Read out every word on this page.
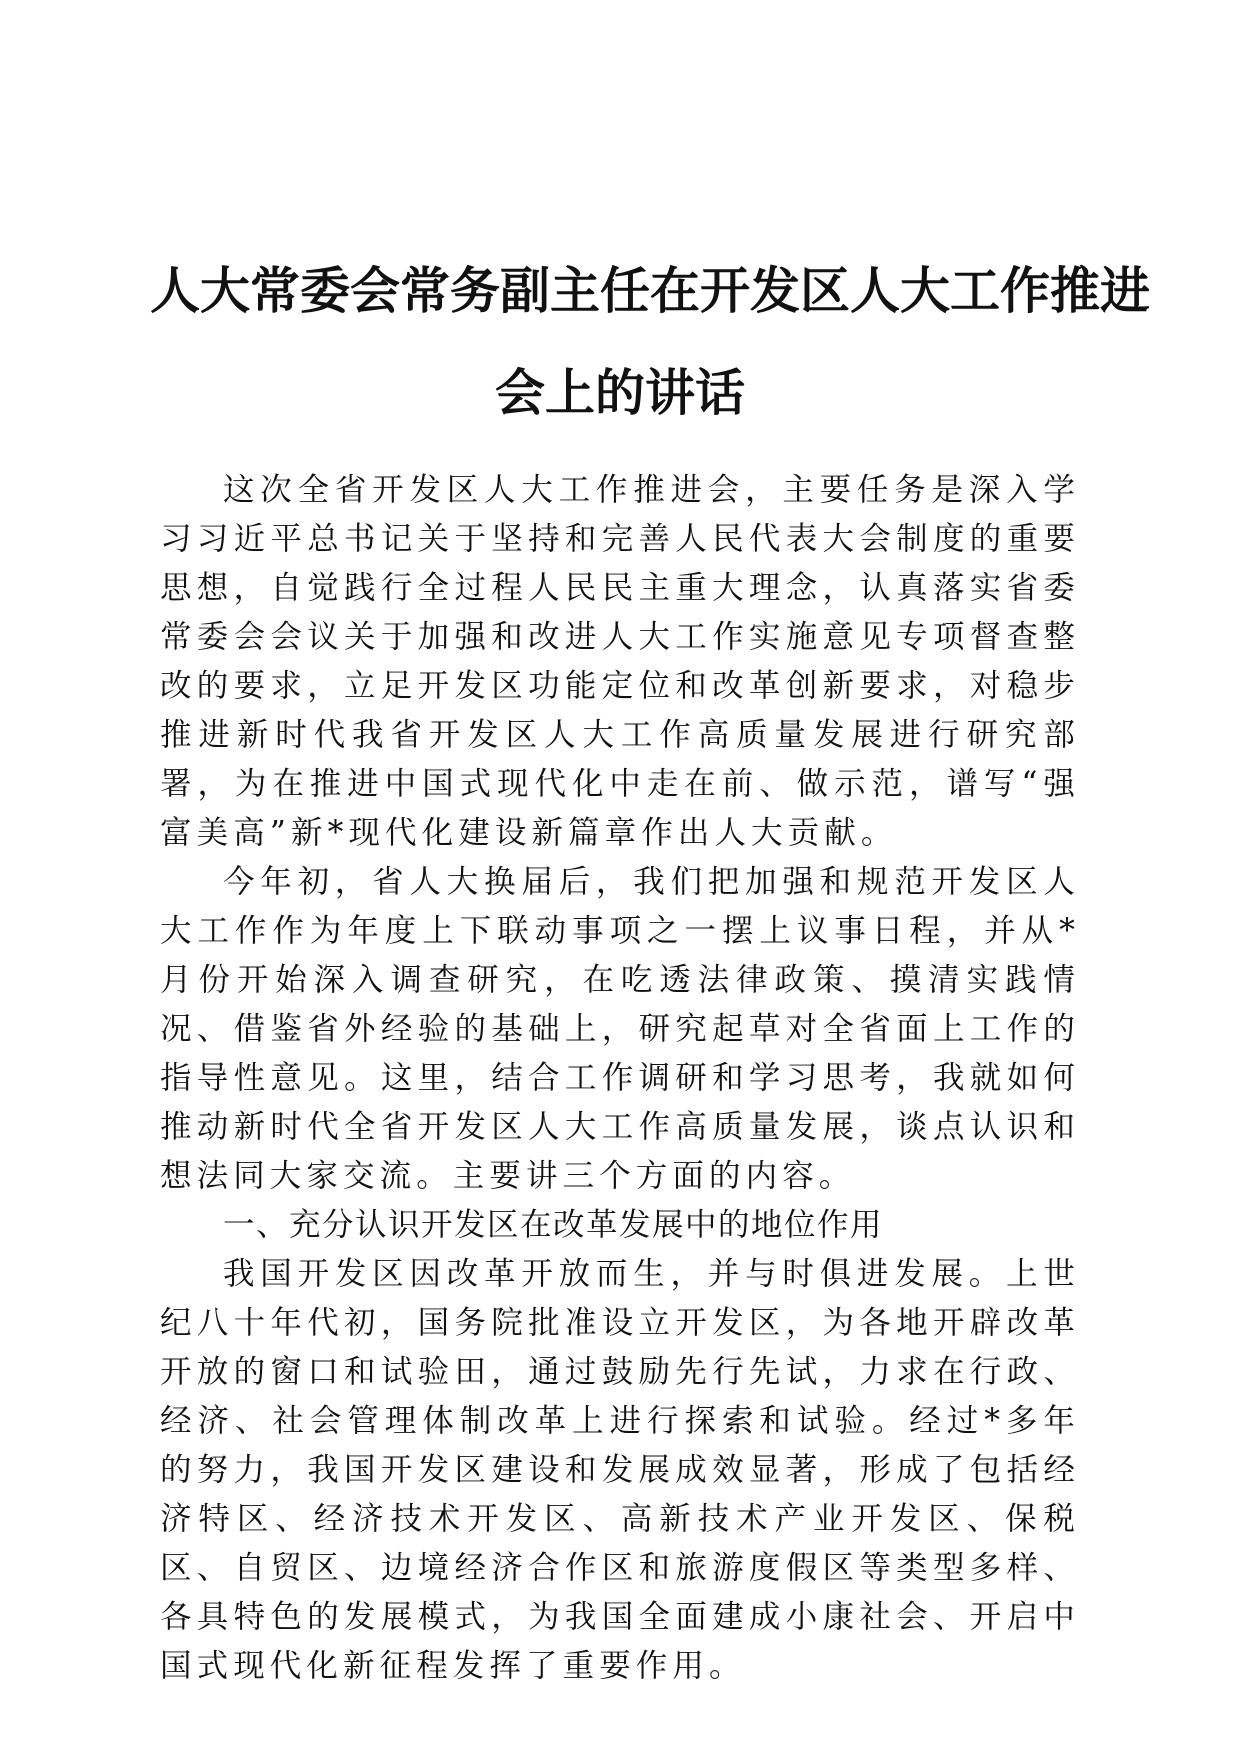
人大常委会常务副主任在开发区人大工作推进
会上的讲话

这次全省开发区人大工作推进会，主要任务是深入学习习近平总书记关于坚持和完善人民代表大会制度的重要思想，自觉践行全过程人民民主重大理念，认真落实省委常委会会议关于加强和改进人大工作实施意见专项督查整改的要求，立足开发区功能定位和改革创新要求，对稳步推进新时代我省开发区人大工作高质量发展进行研究部署，为在推进中国式现代化中走在前、做示范，谱写“强富美高”新*现代化建设新篇章作出人大贡献。

今年初，省人大换届后，我们把加强和规范开发区人大工作作为年度上下联动事项之一摆上议事日程，并从*月份开始深入调查研究，在吃透法律政策、摸清实践情况、借鉴省外经验的基础上，研究起草对全省面上工作的指导性意见。这里，结合工作调研和学习思考，我就如何推动新时代全省开发区人大工作高质量发展，谈点认识和想法同大家交流。主要讲三个方面的内容。

一、充分认识开发区在改革发展中的地位作用

我国开发区因改革开放而生，并与时俱进发展。上世纪八十年代初，国务院批准设立开发区，为各地开辟改革开放的窗口和试验田，通过鼓励先行先试，力求在行政、经济、社会管理体制改革上进行探索和试验。经过*多年的努力，我国开发区建设和发展成效显著，形成了包括经济特区、经济技术开发区、高新技术产业开发区、保税区、自贸区、边境经济合作区和旅游度假区等类型多样、各具特色的发展模式，为我国全面建成小康社会、开启中国式现代化新征程发挥了重要作用。
